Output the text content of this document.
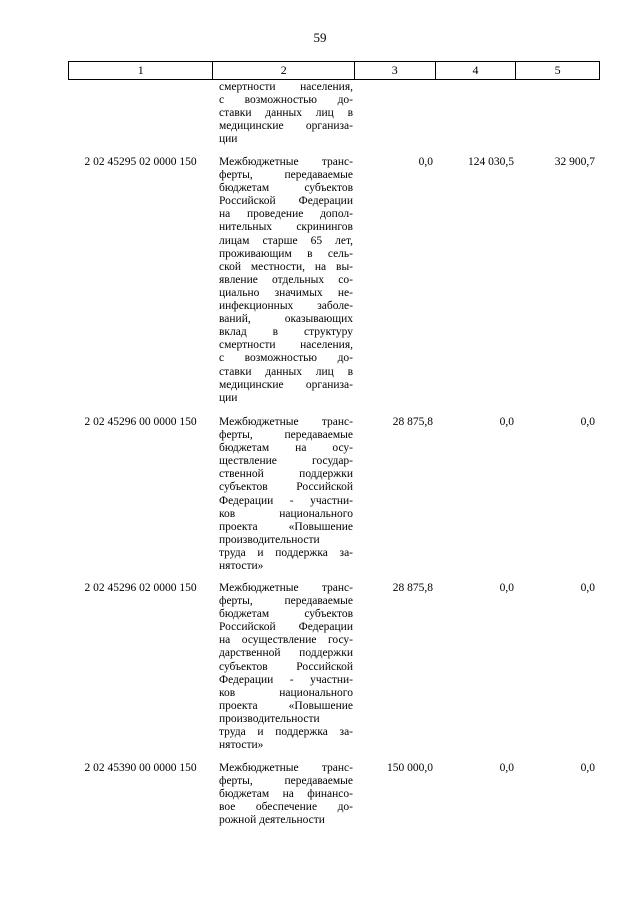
59
1	2	3	4	5
смертности населения,
с возможностью до-
ставки данных лиц в
медицинские организа-
ции
2 02 45295 02 0000 150	Межбюджетные транс-
ферты, передаваемые
бюджетам субъектов
Российской Федерации
на проведение допол-
нительных скринингов
лицам старше 65 лет,
проживающим в сель-
ской местности, на вы-
явление отдельных со-
циально значимых не-
инфекционных заболе-
ваний, оказывающих
вклад в структуру
смертности населения,
с возможностью до-
ставки данных лиц в
медицинские организа-
ции
0,0	124 030,5	32 900,7
2 02 45296 00 0000 150	Межбюджетные транс-
ферты, передаваемые
бюджетам на осу-
ществление государ-
ственной поддержки
субъектов Российской
Федерации - участни-
ков национального
проекта «Повышение
производительности
труда и поддержка за-
нятости»
28 875,8	0,0	0,0
2 02 45296 02 0000 150	Межбюджетные транс-
ферты, передаваемые
бюджетам субъектов
Российской Федерации
на осуществление госу-
дарственной поддержки
субъектов Российской
Федерации - участни-
ков национального
проекта «Повышение
производительности
труда и поддержка за-
нятости»
28 875,8	0,0	0,0
2 02 45390 00 0000 150	Межбюджетные транс-
ферты, передаваемые
бюджетам на финансо-
вое обеспечение до-
рожной деятельности
150 000,0	0,0	0,0
